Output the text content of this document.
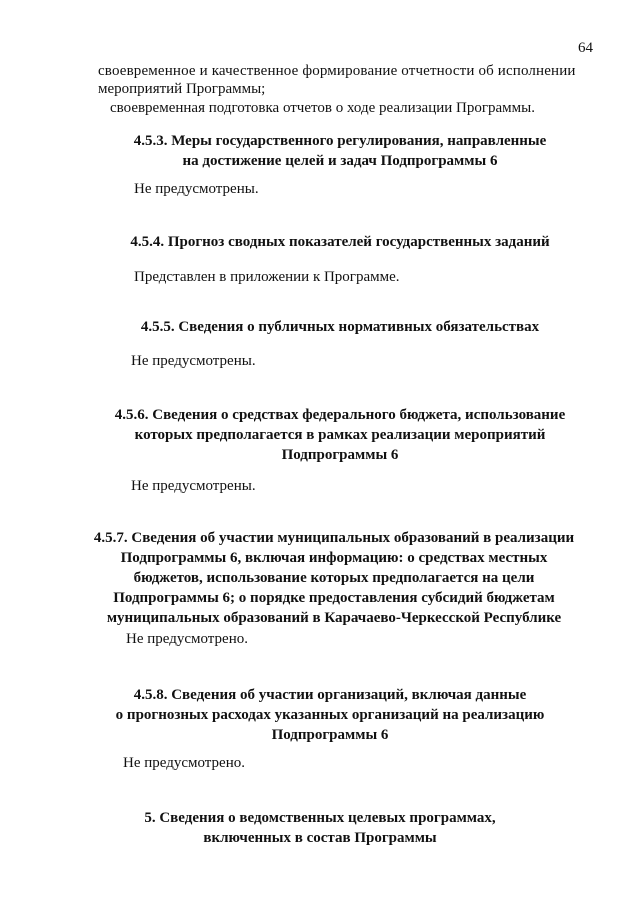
64
своевременное и качественное формирование отчетности об исполнении
мероприятий Программы;
своевременная подготовка отчетов о ходе реализации Программы.
4.5.3. Меры государственного регулирования, направленные
на достижение целей и задач Подпрограммы 6
Не предусмотрены.
4.5.4. Прогноз сводных показателей государственных заданий
Представлен в приложении к Программе.
4.5.5. Сведения о публичных нормативных обязательствах
Не предусмотрены.
4.5.6. Сведения о средствах федерального бюджета, использование
которых предполагается в рамках реализации мероприятий
Подпрограммы 6
Не предусмотрены.
4.5.7. Сведения об участии муниципальных образований в реализации
Подпрограммы 6, включая информацию: о средствах местных
бюджетов, использование которых предполагается на цели
Подпрограммы 6; о порядке предоставления субсидий бюджетам
муниципальных образований в Карачаево-Черкесской Республике
Не предусмотрено.
4.5.8. Сведения об участии организаций, включая данные
о прогнозных расходах указанных организаций на реализацию
Подпрограммы 6
Не предусмотрено.
5. Сведения о ведомственных целевых программах,
включенных в состав Программы
